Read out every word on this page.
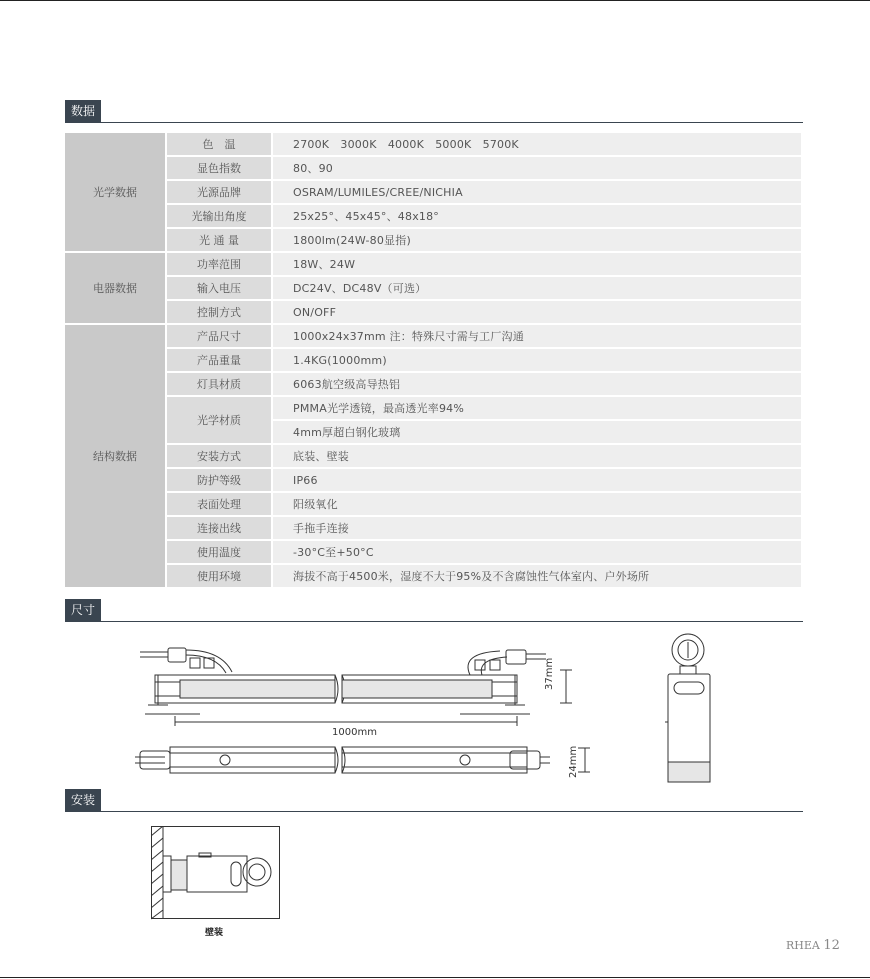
数据
光学数据	色　温	2700K　3000K　4000K　5000K　5700K
	显色指数	80、90
	光源品牌	OSRAM/LUMILES/CREE/NICHIA
	光输出角度	25x25°、45x45°、48x18°
	光 通 量	1800lm(24W-80显指)
电器数据	功率范围	18W、24W
	输入电压	DC24V、DC48V（可选）
	控制方式	ON/OFF
结构数据	产品尺寸	1000x24x37mm 注：特殊尺寸需与工厂沟通
	产品重量	1.4KG(1000mm)
	灯具材质	6063航空级高导热铝
	光学材质	PMMA光学透镜，最高透光率94%
		4mm厚超白钢化玻璃
	安装方式	底装、壁装
	防护等级	IP66
	表面处理	阳级氧化
	连接出线	手拖手连接
	使用温度	-30°C至+50°C
	使用环境	海拔不高于4500米，湿度不大于95%及不含腐蚀性气体室内、户外场所
尺寸
1000mm
37mm
24mm
安装
壁装
RHEA 12
